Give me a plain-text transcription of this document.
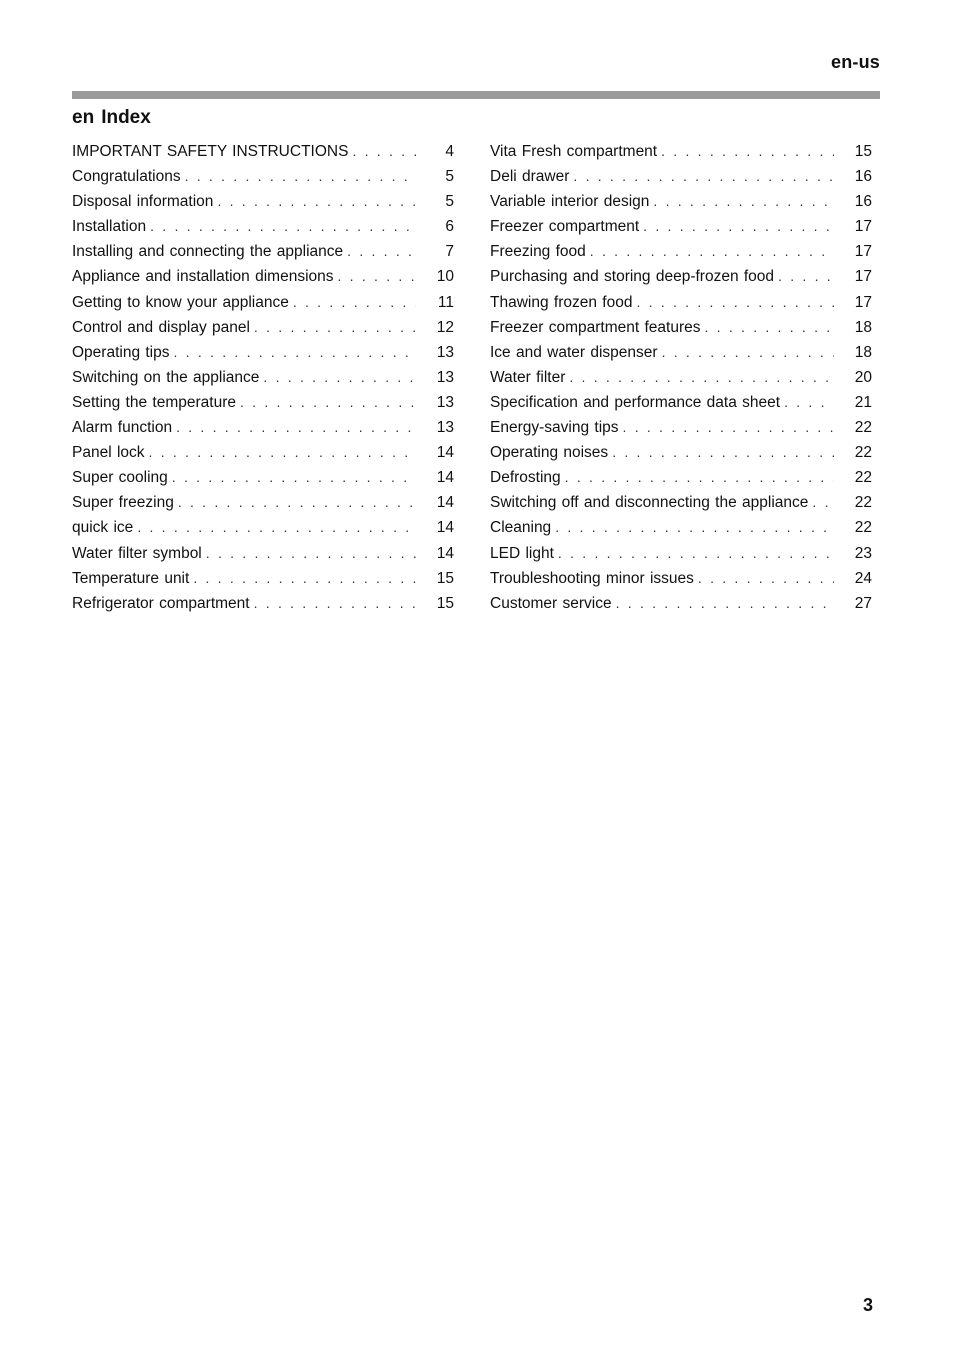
en-us
en Index
IMPORTANT SAFETY INSTRUCTIONS . . .	4
Congratulations . . .	5
Disposal information . . .	5
Installation . . .	6
Installing and connecting the appliance . . .	7
Appliance and installation dimensions . . .	10
Getting to know your appliance . . .	11
Control and display panel . . .	12
Operating tips . . .	13
Switching on the appliance . . .	13
Setting the temperature . . .	13
Alarm function . . .	13
Panel lock . . .	14
Super cooling . . .	14
Super freezing . . .	14
quick ice . . .	14
Water filter symbol . . .	14
Temperature unit . . .	15
Refrigerator compartment . . .	15
Vita Fresh compartment . . .	15
Deli drawer . . .	16
Variable interior design . . .	16
Freezer compartment . . .	17
Freezing food . . .	17
Purchasing and storing deep-frozen food . . .	17
Thawing frozen food . . .	17
Freezer compartment features . . .	18
Ice and water dispenser . . .	18
Water filter . . .	20
Specification and performance data sheet . . .	21
Energy-saving tips . . .	22
Operating noises . . .	22
Defrosting . . .	22
Switching off and disconnecting the appliance . . .	22
Cleaning . . .	22
LED light . . .	23
Troubleshooting minor issues . . .	24
Customer service . . .	27
3
